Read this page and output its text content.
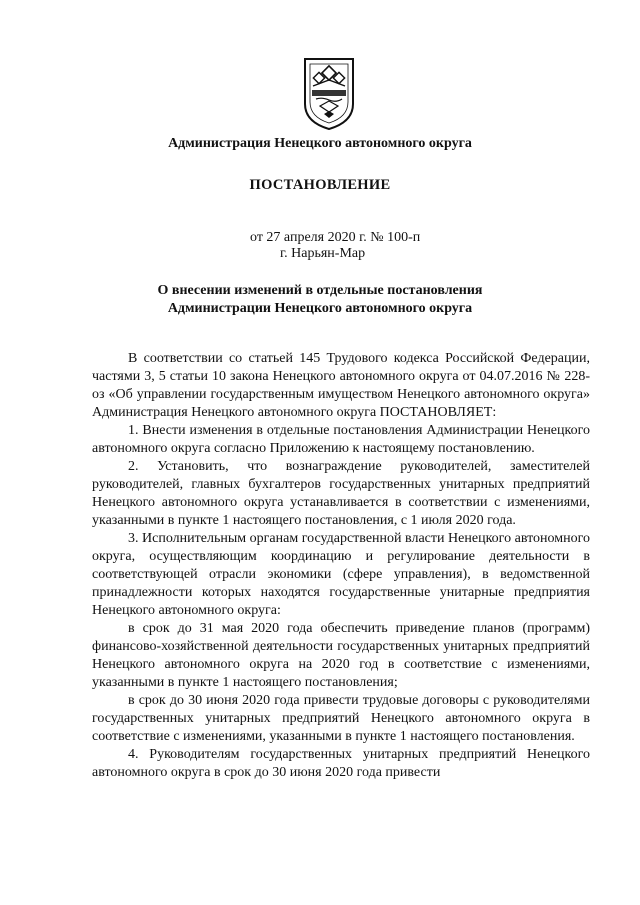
Администрация Ненецкого автономного округа
ПОСТАНОВЛЕНИЕ
от 27 апреля 2020 г. № 100-п
г. Нарьян-Мар
О внесении изменений в отдельные постановления
Администрации Ненецкого автономного округа

В соответствии со статьей 145 Трудового кодекса Российской Федерации, частями 3, 5 статьи 10 закона Ненецкого автономного округа от 04.07.2016 № 228-оз «Об управлении государственным имуществом Ненецкого автономного округа» Администрация Ненецкого автономного округа ПОСТАНОВЛЯЕТ:

1. Внести изменения в отдельные постановления Администрации Ненецкого автономного округа согласно Приложению к настоящему постановлению.

2. Установить, что вознаграждение руководителей, заместителей руководителей, главных бухгалтеров государственных унитарных предприятий Ненецкого автономного округа устанавливается в соответствии с изменениями, указанными в пункте 1 настоящего постановления, с 1 июля 2020 года.

3. Исполнительным органам государственной власти Ненецкого автономного округа, осуществляющим координацию и регулирование деятельности в соответствующей отрасли экономики (сфере управления), в ведомственной принадлежности которых находятся государственные унитарные предприятия Ненецкого автономного округа:

в срок до 31 мая 2020 года обеспечить приведение планов (программ) финансово-хозяйственной деятельности государственных унитарных предприятий Ненецкого автономного округа на 2020 год в соответствие с изменениями, указанными в пункте 1 настоящего постановления;

в срок до 30 июня 2020 года привести трудовые договоры с руководителями государственных унитарных предприятий Ненецкого автономного округа в соответствие с изменениями, указанными в пункте 1 настоящего постановления.

4. Руководителям государственных унитарных предприятий Ненецкого автономного округа в срок до 30 июня 2020 года привести
